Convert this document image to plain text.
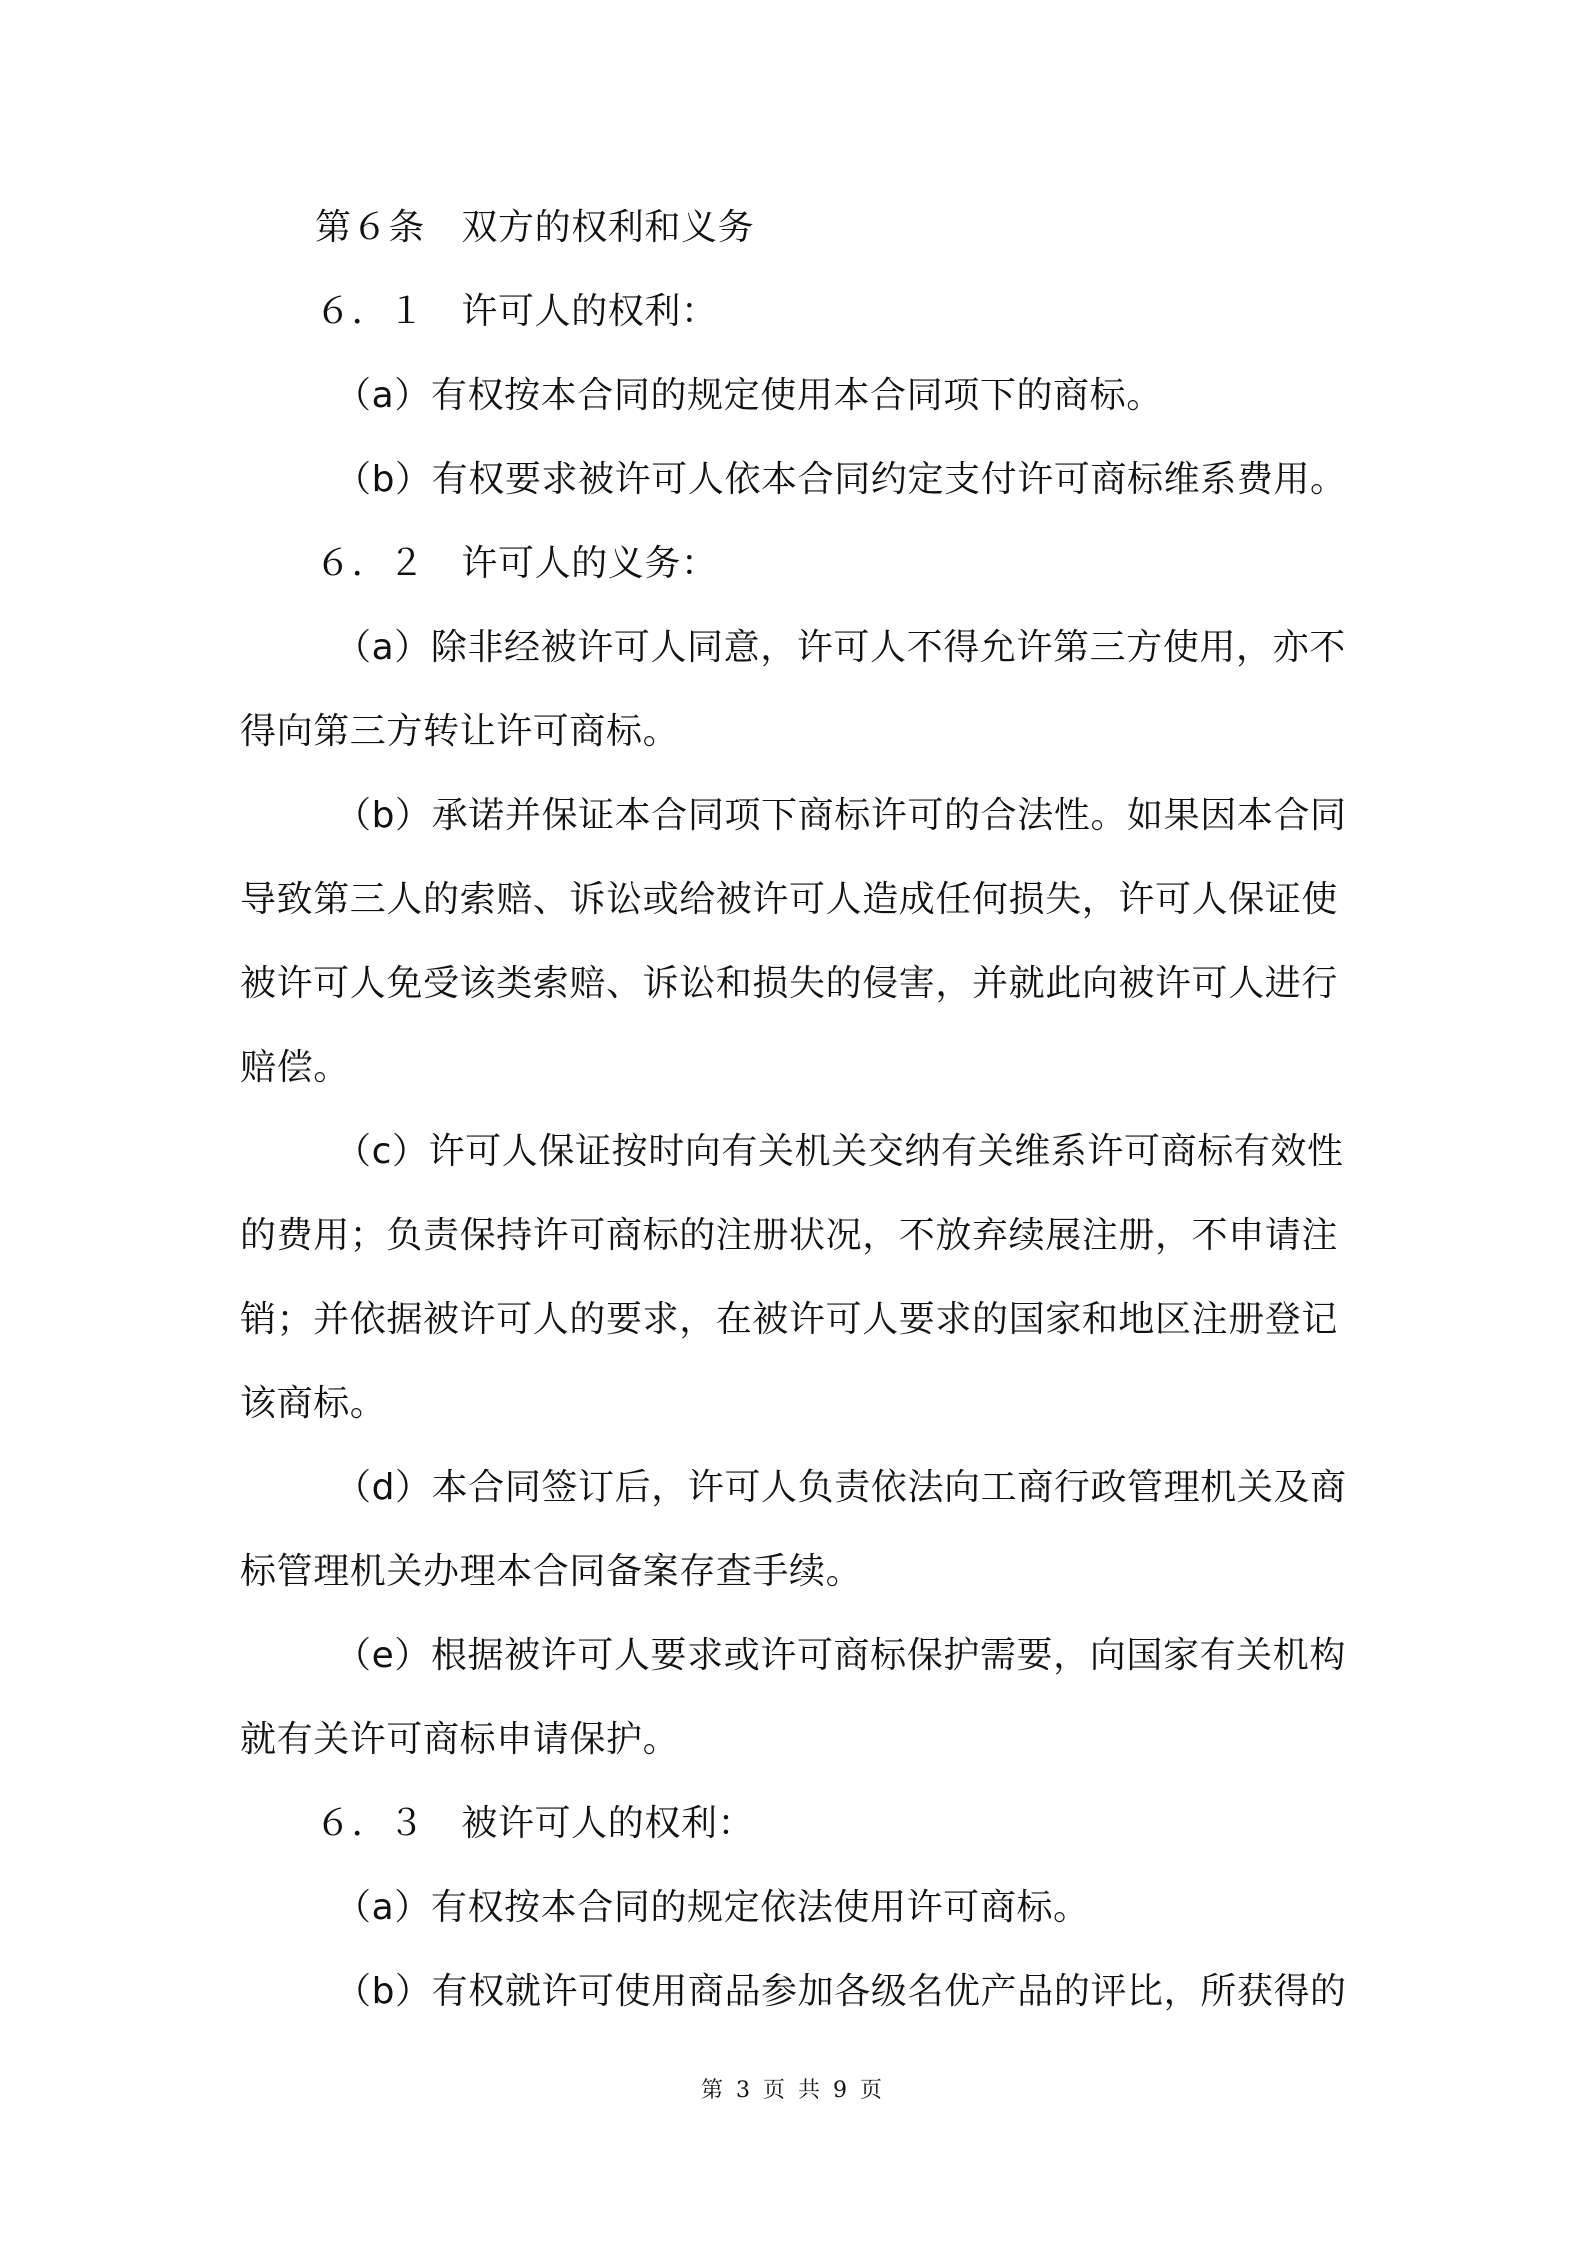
第６条　双方的权利和义务
６．１　许可人的权利：
（a）有权按本合同的规定使用本合同项下的商标。
（b）有权要求被许可人依本合同约定支付许可商标维系费用。
６．２　许可人的义务：
（a）除非经被许可人同意，许可人不得允许第三方使用，亦不
得向第三方转让许可商标。
（b）承诺并保证本合同项下商标许可的合法性。如果因本合同
导致第三人的索赔、诉讼或给被许可人造成任何损失，许可人保证使
被许可人免受该类索赔、诉讼和损失的侵害，并就此向被许可人进行
赔偿。
（c）许可人保证按时向有关机关交纳有关维系许可商标有效性
的费用；负责保持许可商标的注册状况，不放弃续展注册，不申请注
销；并依据被许可人的要求，在被许可人要求的国家和地区注册登记
该商标。
（d）本合同签订后，许可人负责依法向工商行政管理机关及商
标管理机关办理本合同备案存查手续。
（e）根据被许可人要求或许可商标保护需要，向国家有关机构
就有关许可商标申请保护。
６．３　被许可人的权利：
（a）有权按本合同的规定依法使用许可商标。
（b）有权就许可使用商品参加各级名优产品的评比，所获得的
第 3 页 共 9 页
